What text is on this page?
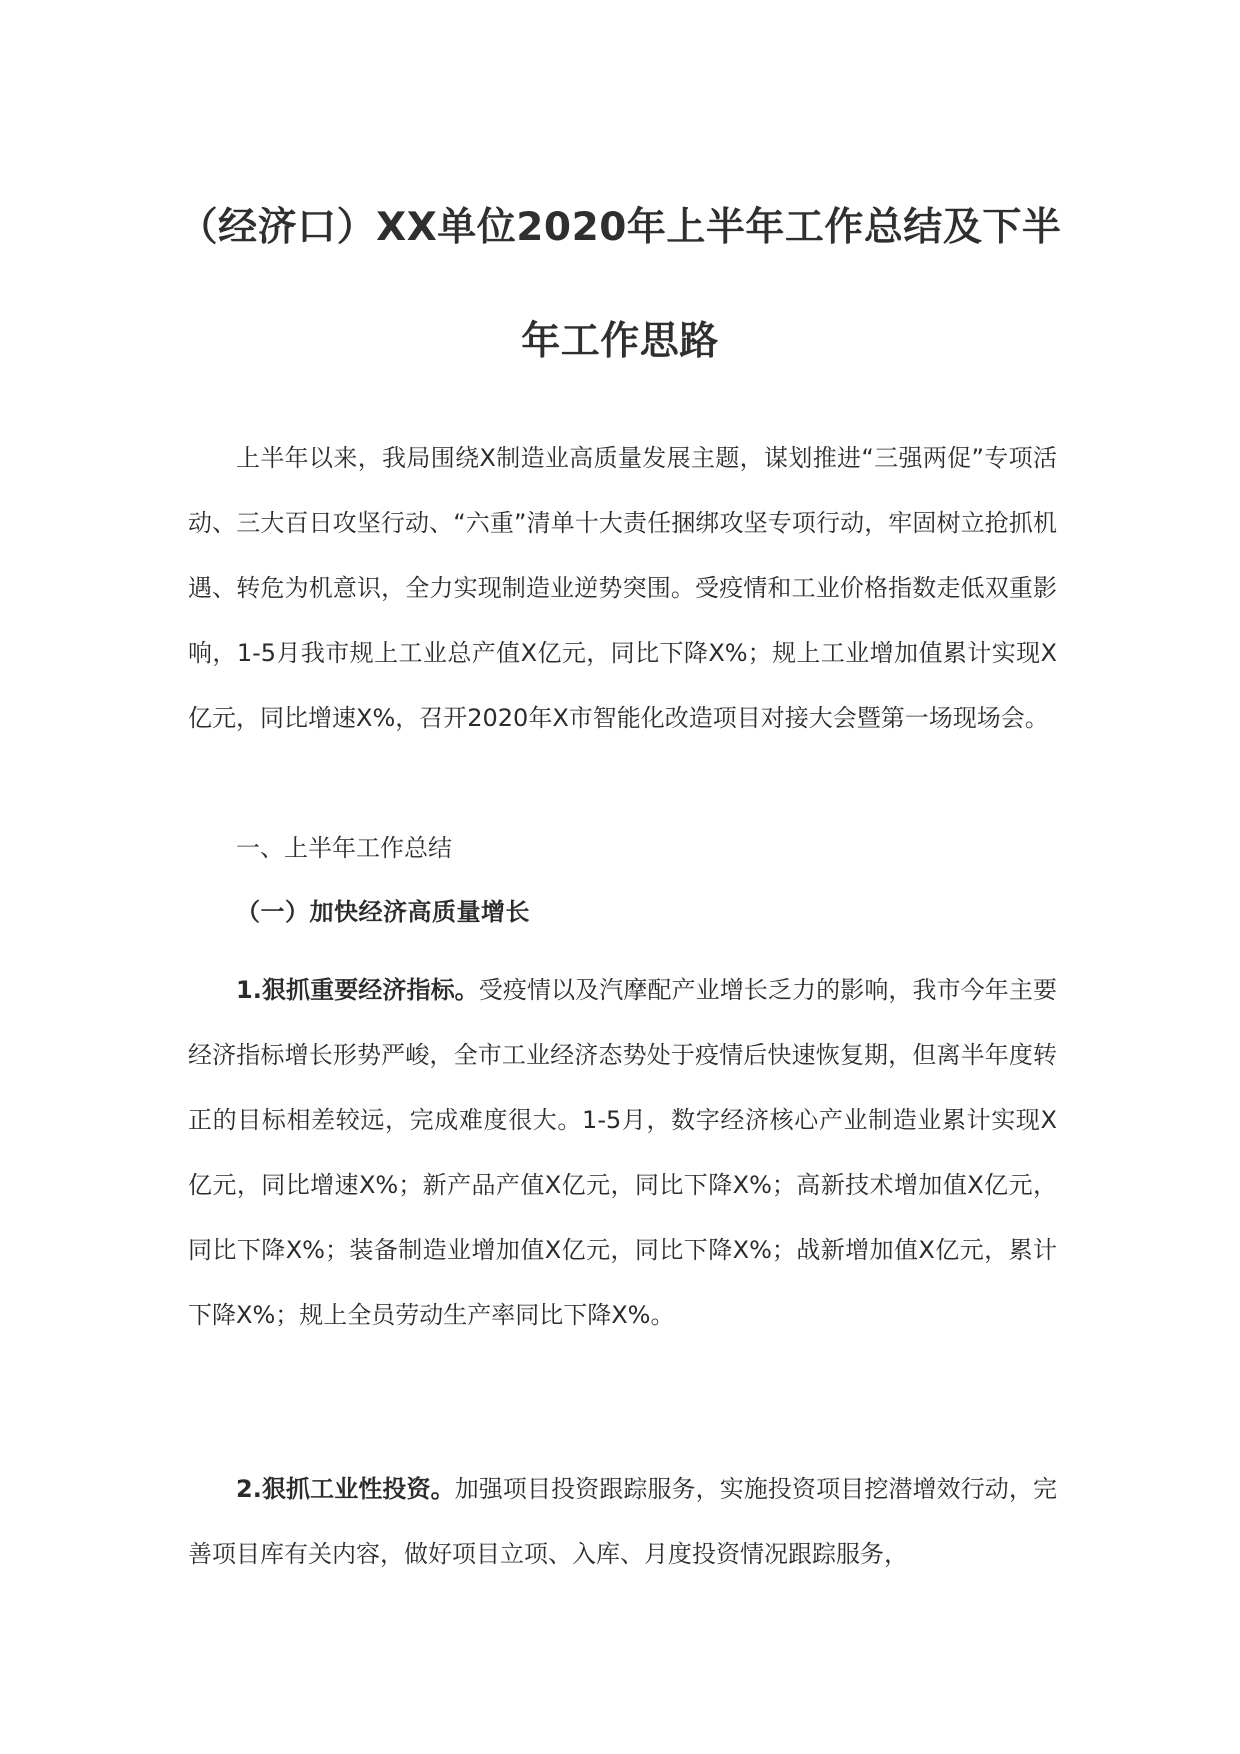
（经济口）XX单位2020年上半年工作总结及下半
年工作思路

上半年以来，我局围绕X制造业高质量发展主题，谋划推进“三强两促”专项活动、三大百日攻坚行动、“六重”清单十大责任捆绑攻坚专项行动，牢固树立抢抓机遇、转危为机意识，全力实现制造业逆势突围。受疫情和工业价格指数走低双重影响，1-5月我市规上工业总产值X亿元，同比下降X%；规上工业增加值累计实现X亿元，同比增速X%，召开2020年X市智能化改造项目对接大会暨第一场现场会。

一、上半年工作总结

（一）加快经济高质量增长

1.狠抓重要经济指标。受疫情以及汽摩配产业增长乏力的影响，我市今年主要经济指标增长形势严峻，全市工业经济态势处于疫情后快速恢复期，但离半年度转正的目标相差较远，完成难度很大。1-5月，数字经济核心产业制造业累计实现X亿元，同比增速X%；新产品产值X亿元，同比下降X%；高新技术增加值X亿元，同比下降X%；装备制造业增加值X亿元，同比下降X%；战新增加值X亿元，累计下降X%；规上全员劳动生产率同比下降X%。

2.狠抓工业性投资。加强项目投资跟踪服务，实施投资项目挖潜增效行动，完善项目库有关内容，做好项目立项、入库、月度投资情况跟踪服务，
